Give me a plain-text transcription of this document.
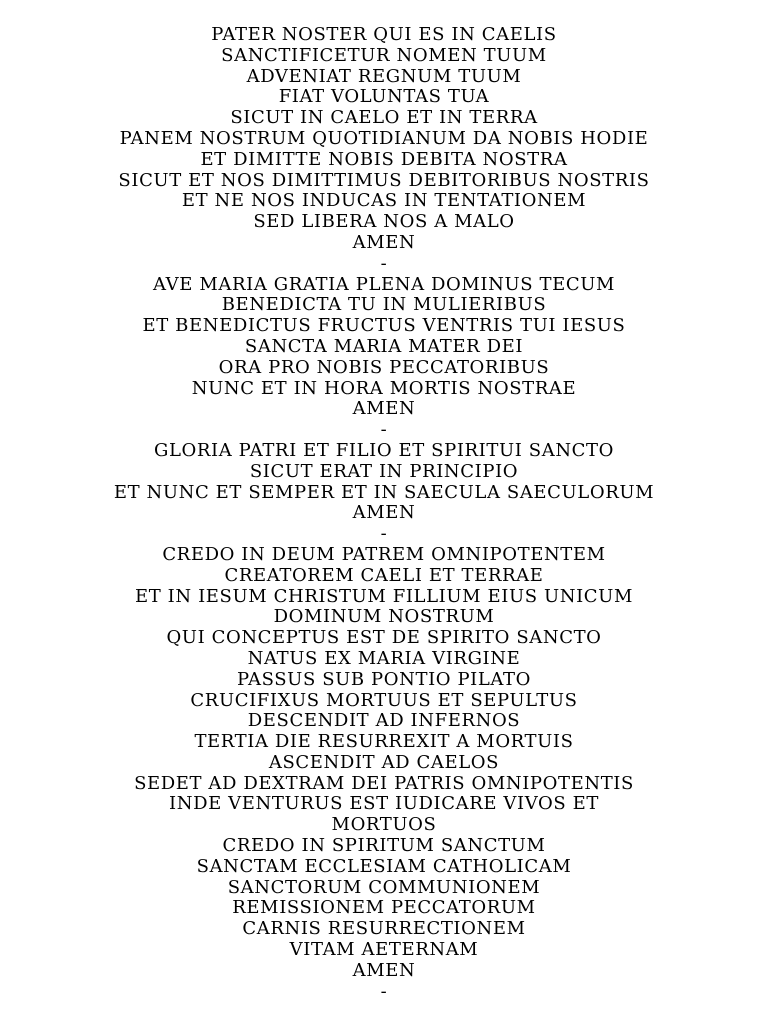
PATER NOSTER QUI ES IN CAELIS
SANCTIFICETUR NOMEN TUUM
ADVENIAT REGNUM TUUM
FIAT VOLUNTAS TUA
SICUT IN CAELO ET IN TERRA
PANEM NOSTRUM QUOTIDIANUM DA NOBIS HODIE
ET DIMITTE NOBIS DEBITA NOSTRA
SICUT ET NOS DIMITTIMUS DEBITORIBUS NOSTRIS
ET NE NOS INDUCAS IN TENTATIONEM
SED LIBERA NOS A MALO
AMEN
-
AVE MARIA GRATIA PLENA DOMINUS TECUM
BENEDICTA TU IN MULIERIBUS
ET BENEDICTUS FRUCTUS VENTRIS TUI IESUS
SANCTA MARIA MATER DEI
ORA PRO NOBIS PECCATORIBUS
NUNC ET IN HORA MORTIS NOSTRAE
AMEN
-
GLORIA PATRI ET FILIO ET SPIRITUI SANCTO
SICUT ERAT IN PRINCIPIO
ET NUNC ET SEMPER ET IN SAECULA SAECULORUM
AMEN
-
CREDO IN DEUM PATREM OMNIPOTENTEM
CREATOREM CAELI ET TERRAE
ET IN IESUM CHRISTUM FILLIUM EIUS UNICUM
DOMINUM NOSTRUM
QUI CONCEPTUS EST DE SPIRITO SANCTO
NATUS EX MARIA VIRGINE
PASSUS SUB PONTIO PILATO
CRUCIFIXUS MORTUUS ET SEPULTUS
DESCENDIT AD INFERNOS
TERTIA DIE RESURREXIT A MORTUIS
ASCENDIT AD CAELOS
SEDET AD DEXTRAM DEI PATRIS OMNIPOTENTIS
INDE VENTURUS EST IUDICARE VIVOS ET
MORTUOS
CREDO IN SPIRITUM SANCTUM
SANCTAM ECCLESIAM CATHOLICAM
SANCTORUM COMMUNIONEM
REMISSIONEM PECCATORUM
CARNIS RESURRECTIONEM
VITAM AETERNAM
AMEN
-
